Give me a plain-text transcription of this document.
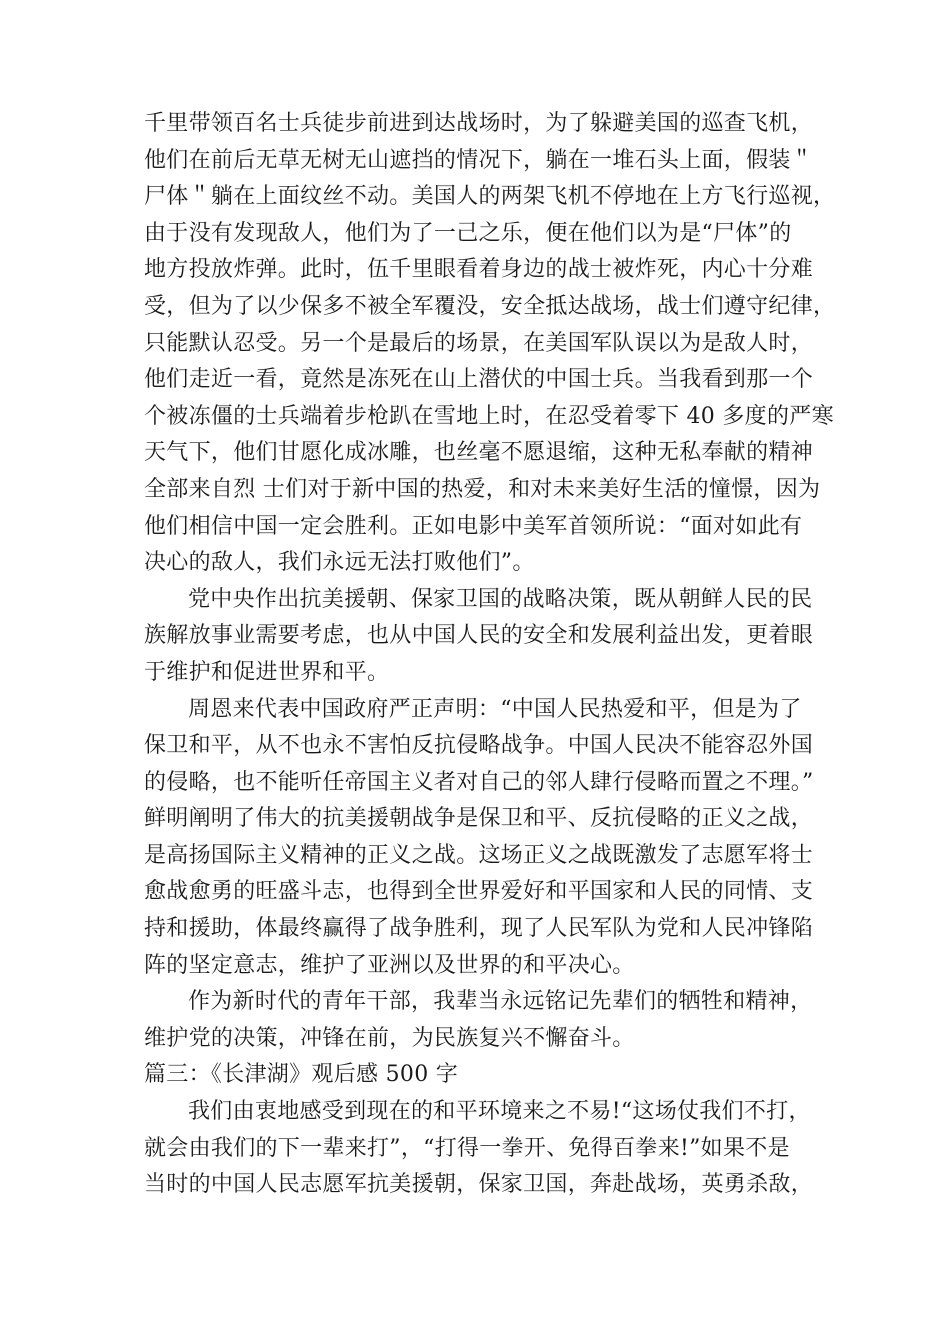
千里带领百名士兵徒步前进到达战场时，为了躲避美国的巡查飞机，
他们在前后无草无树无山遮挡的情况下，躺在一堆石头上面，假装＂
尸体＂躺在上面纹丝不动。美国人的两架飞机不停地在上方飞行巡视，
由于没有发现敌人，他们为了一己之乐，便在他们以为是“尸体”的
地方投放炸弹。此时，伍千里眼看着身边的战士被炸死，内心十分难
受，但为了以少保多不被全军覆没，安全抵达战场，战士们遵守纪律，
只能默认忍受。另一个是最后的场景，在美国军队误以为是敌人时，
他们走近一看，竟然是冻死在山上潜伏的中国士兵。当我看到那一个
个被冻僵的士兵端着步枪趴在雪地上时，在忍受着零下 40 多度的严寒
天气下，他们甘愿化成冰雕，也丝毫不愿退缩，这种无私奉献的精神
全部来自烈 士们对于新中国的热爱，和对未来美好生活的憧憬，因为
他们相信中国一定会胜利。正如电影中美军首领所说：“面对如此有
决心的敌人，我们永远无法打败他们”。
党中央作出抗美援朝、保家卫国的战略决策，既从朝鲜人民的民
族解放事业需要考虑，也从中国人民的安全和发展利益出发，更着眼
于维护和促进世界和平。
周恩来代表中国政府严正声明：“中国人民热爱和平，但是为了
保卫和平，从不也永不害怕反抗侵略战争。中国人民决不能容忍外国
的侵略，也不能听任帝国主义者对自己的邻人肆行侵略而置之不理。”
鲜明阐明了伟大的抗美援朝战争是保卫和平、反抗侵略的正义之战，
是高扬国际主义精神的正义之战。这场正义之战既激发了志愿军将士
愈战愈勇的旺盛斗志，也得到全世界爱好和平国家和人民的同情、支
持和援助，体最终赢得了战争胜利，现了人民军队为党和人民冲锋陷
阵的坚定意志，维护了亚洲以及世界的和平决心。
作为新时代的青年干部，我辈当永远铭记先辈们的牺牲和精神，
维护党的决策，冲锋在前，为民族复兴不懈奋斗。
篇三：《长津湖》观后感 500 字
我们由衷地感受到现在的和平环境来之不易!“这场仗我们不打，
就会由我们的下一辈来打”，“打得一拳开、免得百拳来!”如果不是
当时的中国人民志愿军抗美援朝，保家卫国，奔赴战场，英勇杀敌，
